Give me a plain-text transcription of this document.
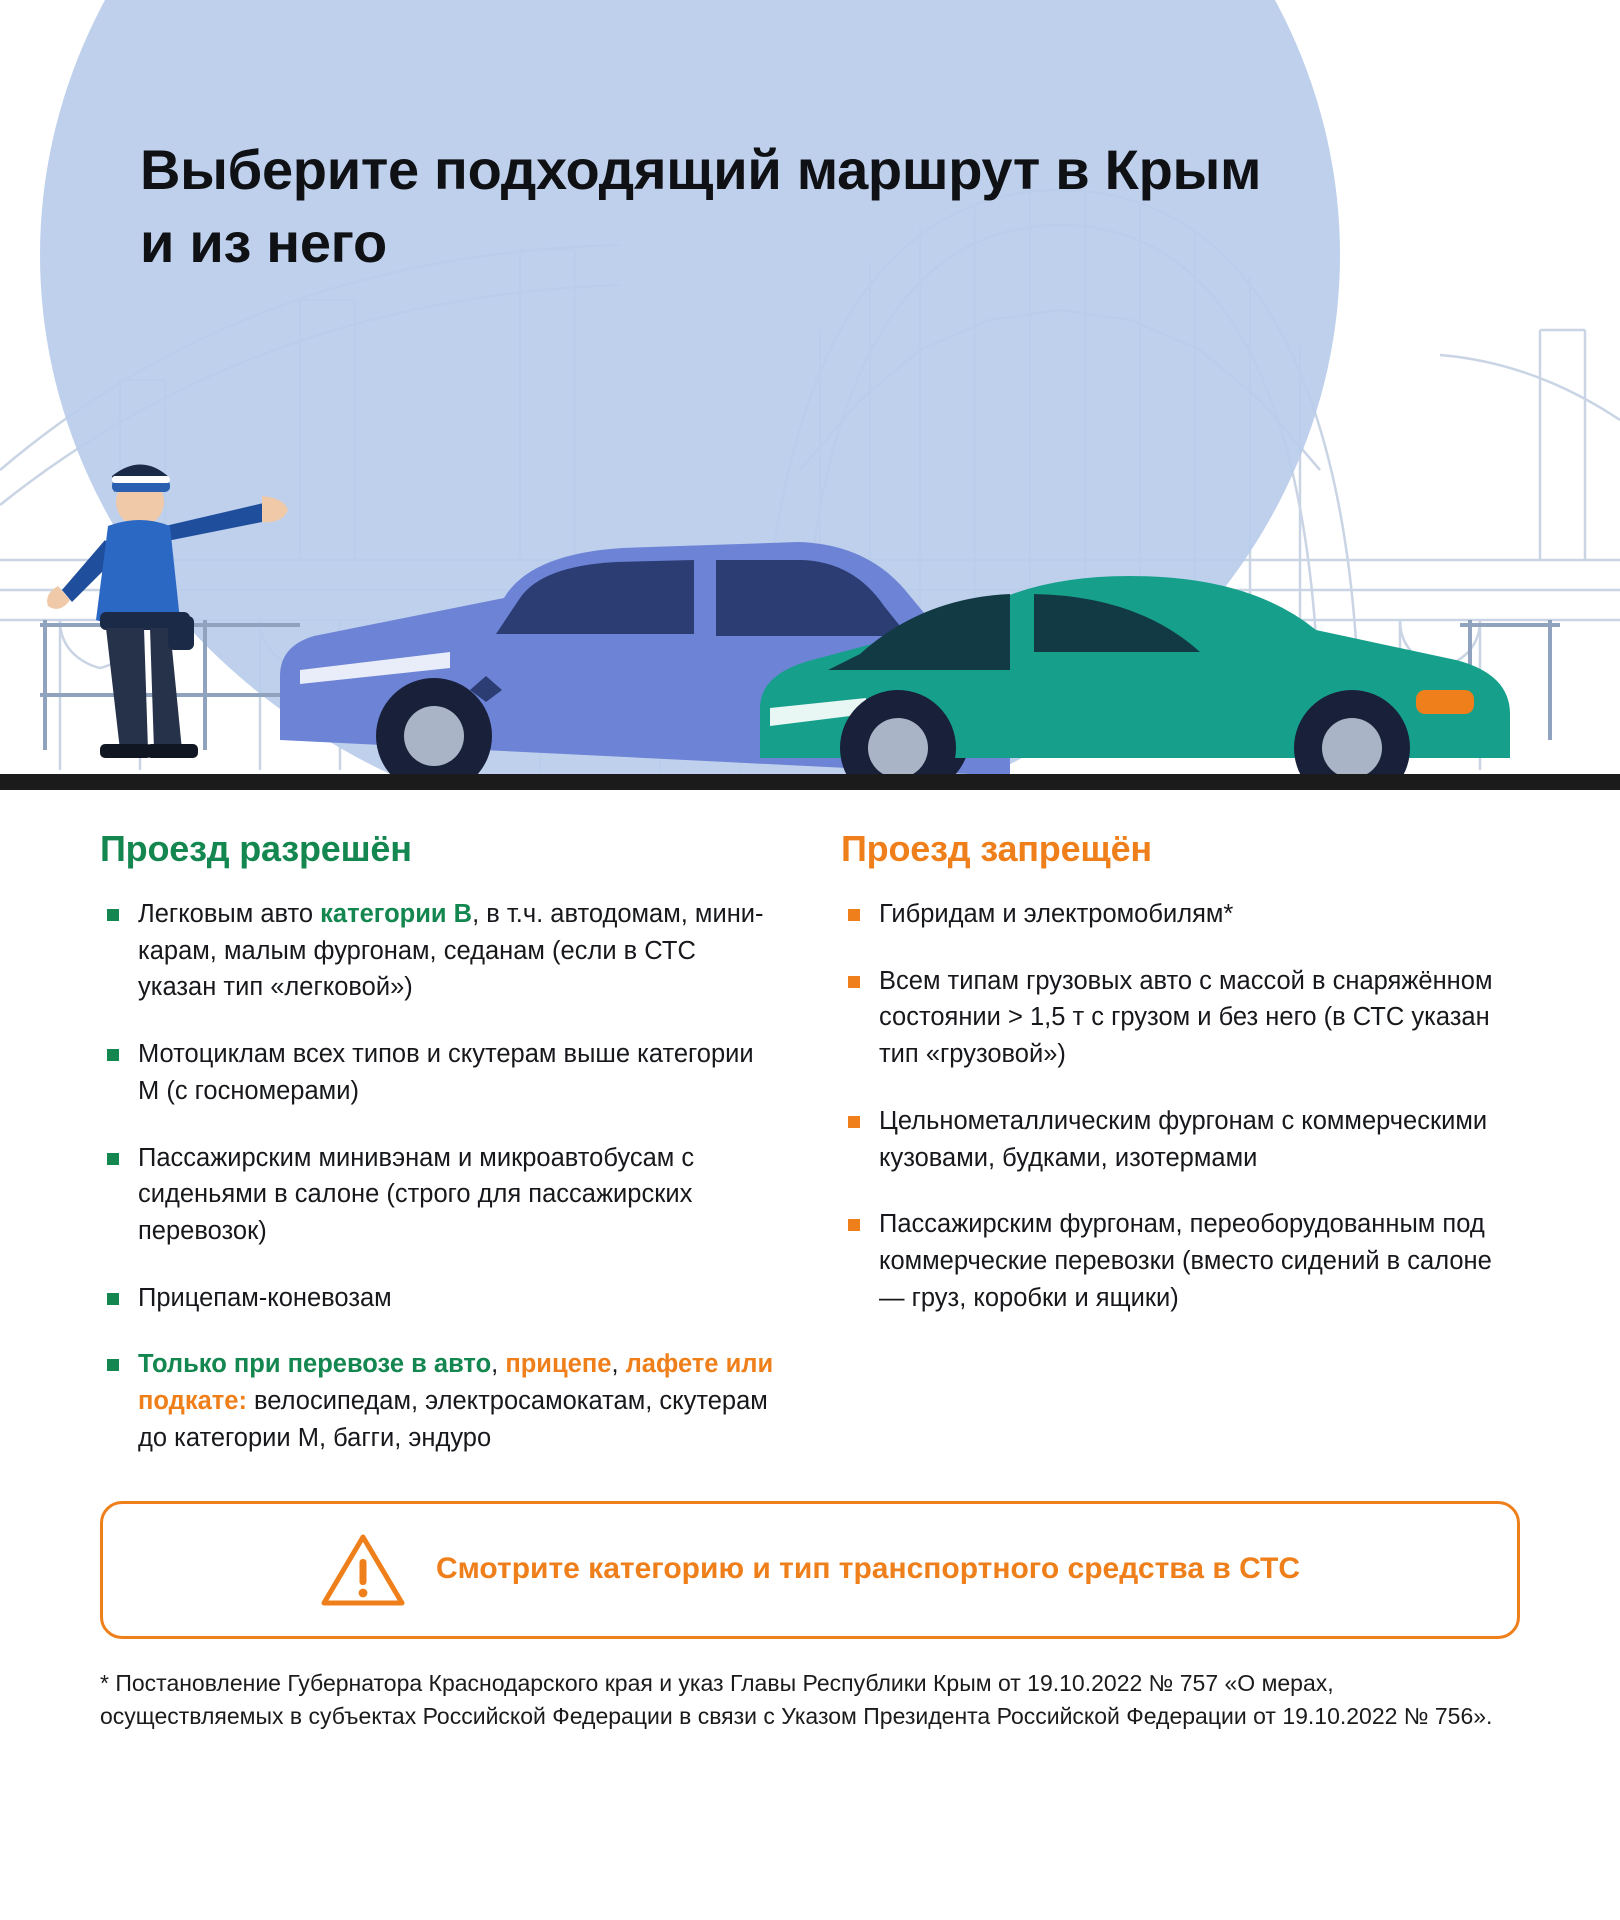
Выберите подходящий маршрут в Крым и из него
Проезд разрешён
Легковым авто категории В, в т.ч. автодомам, мини-карам, малым фургонам, седанам (если в СТС указан тип «легковой»)
Мотоциклам всех типов и скутерам выше категории М (с госномерами)
Пассажирским минивэнам и микроавтобусам с сиденьями в салоне (строго для пассажирских перевозок)
Прицепам-коневозам
Только при перевозе в авто, прицепе, лафете или подкате: велосипедам, электросамокатам, скутерам до категории М, багги, эндуро
Проезд запрещён
Гибридам и электромобилям*
Всем типам грузовых авто с массой в снаряжённом состоянии > 1,5 т с грузом и без него (в СТС указан тип «грузовой»)
Цельнометаллическим фургонам с коммерческими кузовами, будками, изотермами
Пассажирским фургонам, переоборудованным под коммерческие перевозки (вместо сидений в салоне — груз, коробки и ящики)
Смотрите категорию и тип транспортного средства в СТС
* Постановление Губернатора Краснодарского края и указ Главы Республики Крым от 19.10.2022 № 757 «О мерах, осуществляемых в субъектах Российской Федерации в связи с Указом Президента Российской Федерации от 19.10.2022 № 756».
